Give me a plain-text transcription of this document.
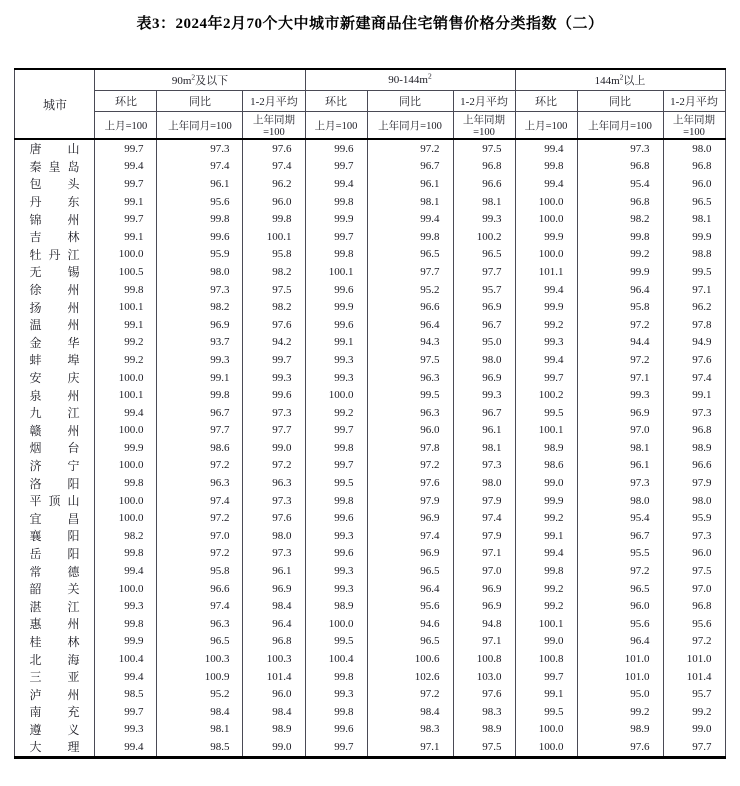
表3：2024年2月70个大中城市新建商品住宅销售价格分类指数（二）
城市	$90m^2$及以下			$90-144m^2$			$144m^2$以上		
	环比	同比	1-2月平均	环比	同比	1-2月平均	环比	同比	1-2月平均
	上月=100	上年同月=100	上年同期=100	上月=100	上年同月=100	上年同期=100	上月=100	上年同月=100	上年同期=100

唐 山	99.7	97.3	97.6	99.6	97.2	97.5	99.4	97.3	98.0

秦 皇 岛	99.4	97.4	97.4	99.7	96.7	96.8	99.8	96.8	96.8

包 头	99.7	96.1	96.2	99.4	96.1	96.6	99.4	95.4	96.0

丹 东	99.1	95.6	96.0	99.8	98.1	98.1	100.0	96.8	96.5

锦 州	99.7	99.8	99.8	99.9	99.4	99.3	100.0	98.2	98.1

吉 林	99.1	99.6	100.1	99.7	99.8	100.2	99.9	99.8	99.9

牡 丹 江	100.0	95.9	95.8	99.8	96.5	96.5	100.0	99.2	98.8

无 锡	100.5	98.0	98.2	100.1	97.7	97.7	101.1	99.9	99.5

徐 州	99.8	97.3	97.5	99.6	95.2	95.7	99.4	96.4	97.1

扬 州	100.1	98.2	98.2	99.9	96.6	96.9	99.9	95.8	96.2

温 州	99.1	96.9	97.6	99.6	96.4	96.7	99.2	97.2	97.8

金 华	99.2	93.7	94.2	99.1	94.3	95.0	99.3	94.4	94.9

蚌 埠	99.2	99.3	99.7	99.3	97.5	98.0	99.4	97.2	97.6

安 庆	100.0	99.1	99.3	99.3	96.3	96.9	99.7	97.1	97.4

泉 州	100.1	99.8	99.6	100.0	99.5	99.3	100.2	99.3	99.1

九 江	99.4	96.7	97.3	99.2	96.3	96.7	99.5	96.9	97.3

赣 州	100.0	97.7	97.7	99.7	96.0	96.1	100.1	97.0	96.8

烟 台	99.9	98.6	99.0	99.8	97.8	98.1	98.9	98.1	98.9

济 宁	100.0	97.2	97.2	99.7	97.2	97.3	98.6	96.1	96.6

洛 阳	99.8	96.3	96.3	99.5	97.6	98.0	99.0	97.3	97.9

平 顶 山	100.0	97.4	97.3	99.8	97.9	97.9	99.9	98.0	98.0

宜 昌	100.0	97.2	97.6	99.6	96.9	97.4	99.2	95.4	95.9

襄 阳	98.2	97.0	98.0	99.3	97.4	97.9	99.1	96.7	97.3

岳 阳	99.8	97.2	97.3	99.6	96.9	97.1	99.4	95.5	96.0

常 德	99.4	95.8	96.1	99.3	96.5	97.0	99.8	97.2	97.5

韶 关	100.0	96.6	96.9	99.3	96.4	96.9	99.2	96.5	97.0

湛 江	99.3	97.4	98.4	98.9	95.6	96.9	99.2	96.0	96.8

惠 州	99.8	96.3	96.4	100.0	94.6	94.8	100.1	95.6	95.6

桂 林	99.9	96.5	96.8	99.5	96.5	97.1	99.0	96.4	97.2

北 海	100.4	100.3	100.3	100.4	100.6	100.8	100.8	101.0	101.0

三 亚	99.4	100.9	101.4	99.8	102.6	103.0	99.7	101.0	101.4

泸 州	98.5	95.2	96.0	99.3	97.2	97.6	99.1	95.0	95.7

南 充	99.7	98.4	98.4	99.8	98.4	98.3	99.5	99.2	99.2

遵 义	99.3	98.1	98.9	99.6	98.3	98.9	100.0	98.9	99.0

大 理	99.4	98.5	99.0	99.7	97.1	97.5	100.0	97.6	97.7
